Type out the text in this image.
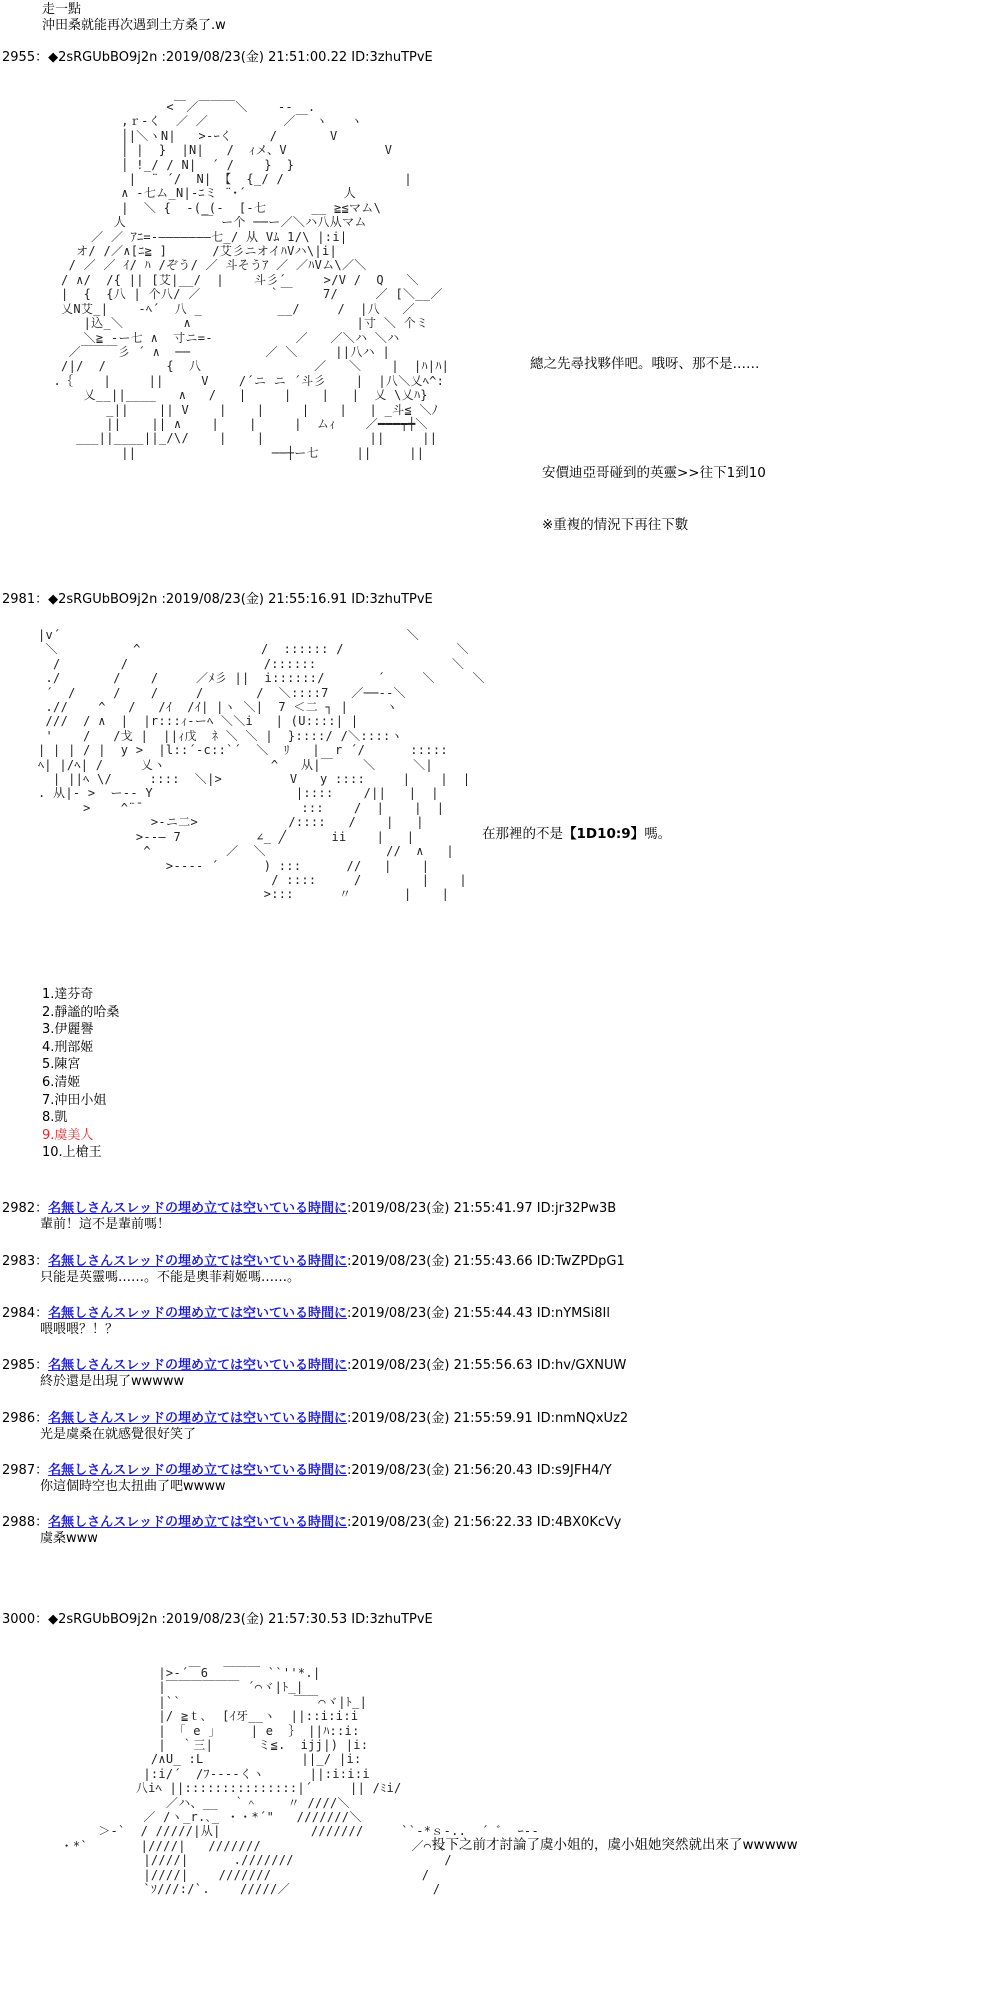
走一點
沖田桑就能再次遇到土方桑了.w
2955：◆2sRGUbBO9j2n :2019/08/23(金) 21:51:00.22 ID:3zhuTPvE
<￣／￣￣￣＼    ‐-  .
,ｒ‐く  ／ ／          ／￣ ヽ   ヽ
│|＼ヽN|   >‐ｰく     /       V
│ |  }  |N|   /  ｨメ、V             V
│ !_/ / N|  ´ /    }  }
|  ¨ ´/  N| 【  {_/ /                |
∧ -七ム_N|-ﾆミ ¨･´             人
|  ＼ {  -(_(-  [-七      __ ≧≦マム\
人          ￣ ー个 ──ー／＼ハ八从マム
／ ／ ｱﾆ=‐―――――――七_/ 从 Vﾑ 1/\ |:i|
オ/ /／∧[ﾆ≧ ]      /艾彡ニオイﾊVハ\|i|
/ ／ ／ ｲ/ ﾊ /ぞう/ ／ 斗そうｱ ／ ／ﾊVム\／＼
/ ∧/  /{ || [艾|__/  |    斗彡´     >/V /  Q   ＼
|  {  {八 | 个八/ ／         ｀￣    7/     ／ [＼__／
乂N艾_|    ‐ﾍ´  八 _          __/     /  |八   ／
|込_＼        ∧                      |寸 ＼ 个ミ
＼≧ ‐ー七 ∧  寸ニ=‐           ／   ／＼ハ ＼ハ
／￣￣￣彡 ´ ∧  ──          ／ ＼     ||八ハ |
/|/  /        {  八               ／   ＼    |  |ﾊ|ﾊ|
.｛    |     ||     V    /´ニ ニ ´斗彡    |  |八＼乂ﾍ^:
乂__||____   ∧   /   |     |    |   |  乂 \乂ﾊ}
_||    || V    |    |     |    |   | _斗≦ ＼ﾉ
||    || ∧    |    |     |  ムｨ    ／━━━┯┿＼
___||____||_/\/    |    |              ||     ||
||                  ──┼ー七     ||     ||
總之先尋找夥伴吧。哦呀、那不是……
安價迪亞哥碰到的英靈>>往下1到10
※重複的情況下再往下數
2981：◆2sRGUbBO9j2n :2019/08/23(金) 21:55:16.91 ID:3zhuTPvE
|v´                                              ＼
＼          ^                /  :::::: /               ＼
/        /                  /::::::                  ＼
./       /    /     ／ﾒ彡 ||  i::::::/       ´     ＼     ＼
´  /     /    /     /       /  ＼::::7   ／──‐‐＼
.//    ^   /   /ｲ  /ｲ| |ヽ ＼|  7 ＜二 ┐ |     ヽ
///  / ∧  |  |r:::ｨ‐ーﾍ ＼＼i   | (U::::| |
'    /   /戈 |  ||ｨ戊  ﾈ ＼ ＼ |  }::::/ /＼::::ヽ
| | | / |  y >  |l::´‐c::`´  ＼  ﾘ   |  r ´/      :::::
ﾍ| |/ﾍ| /     乂ヽ              ^   从|￣    ＼     ＼|
| ||ﾍ \/     ::::  ＼|>         V   y ::::     |    |  |
. 从|‐ >  ー‐- Y                   |::::    /||   |  |
>    ^¨¯                     :::    /  |    |  |
>‐ニ二>            /::::   /    |   |
>‐‐― 7          ∠_ ╱      ii    |   |
^          ／  ＼                //  ∧   |
>‐‐‐‐ ´      ) :::      //   |    |
/ ::::     /        |    |
>:::      〃       |    |
在那裡的不是【1D10:9】嗎。
1.達芬奇
2.靜謐的哈桑
3.伊麗譽
4.刑部姬
5.陳宮
6.清姬
7.沖田小姐
8.凱
9.虞美人
10.上槍王
2982：名無しさんスレッドの埋め立ては空いている時間に:2019/08/23(金) 21:55:41.97 ID:jr32Pw3B
輩前！這不是輩前嗎！
2983：名無しさんスレッドの埋め立ては空いている時間に:2019/08/23(金) 21:55:43.66 ID:TwZPDpG1
只能是英靈嗎……。不能是奧菲莉姬嗎……。
2984：名無しさんスレッドの埋め立ては空いている時間に:2019/08/23(金) 21:55:44.43 ID:nYMSi8Il
喂喂喂？！？
2985：名無しさんスレッドの埋め立ては空いている時間に:2019/08/23(金) 21:55:56.63 ID:hv/GXNUW
終於還是出現了wwwww
2986：名無しさんスレッドの埋め立ては空いている時間に:2019/08/23(金) 21:55:59.91 ID:nmNQxUz2
光是虞桑在就感覺很好笑了
2987：名無しさんスレッドの埋め立ては空いている時間に:2019/08/23(金) 21:56:20.43 ID:s9JFH4/Y
你這個時空也太扭曲了吧wwww
2988：名無しさんスレッドの埋め立ては空いている時間に:2019/08/23(金) 21:56:22.33 ID:4BX0KcVy
虞桑www
3000：◆2sRGUbBO9j2n :2019/08/23(金) 21:57:30.53 ID:3zhuTPvE
|>‐´￣6  ￣￣￣ ``''*.|
|￣￣￣￣￣￣ ´⌒ヾ|ﾄ_|
|``               ￣￣⌒ヾ|ﾄ_|
|/ ≧ｔ､  [ｲ牙__ヽ  ||::i:i:i
| 「 e 」    | e  ｝ ||ﾊ::i:
|  ｀三|      ミ≦.  ijj|) |i:
/∧U_ :L             ||_/ |i:
|:i/´  /ﾌ‐‐‐‐くヽ      ||:i:i:i
八iﾍ ||:::::::::::::::|´     || /ﾐi/
／ハ、__  ｀＾    〃 ////＼
／ /ヽ_r.､_ ・・*´"   ///////＼
＞‐`  / /////|从|            ///////     ``‐*ｓ-..  ´ ﾞ  ｰ‐-
・*`       |////|   ///////                    ／⌒＼
|////|      .///////                    /
|////|    ///////                    /
`ｿ///:/`.    /////／                   /
投下之前才討論了虞小姐的，虞小姐她突然就出來了wwwww
